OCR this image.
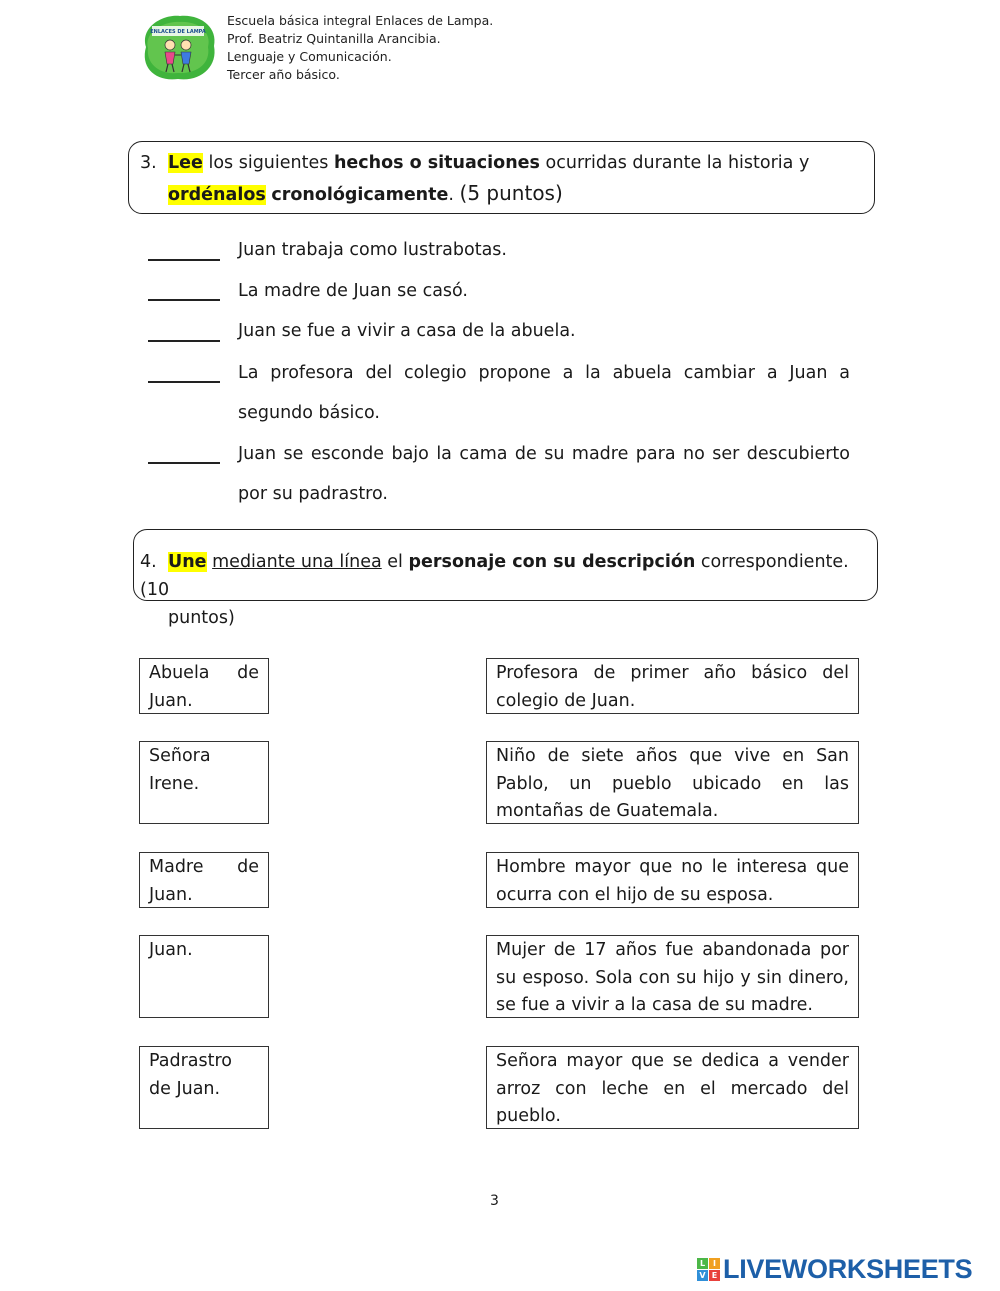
ENLACES DE LAMPA
Escuela básica integral Enlaces de Lampa.
Prof. Beatriz Quintanilla Arancibia.
Lenguaje y Comunicación.
Tercer año básico.
3. Lee los siguientes hechos o situaciones ocurridas durante la historia y
ordénalos cronológicamente. (5 puntos)
Juan trabaja como lustrabotas.
La madre de Juan se casó.
Juan se fue a vivir a casa de la abuela.
La profesora del colegio propone a la abuela cambiar a Juan a
segundo básico.
Juan se esconde bajo la cama de su madre para no ser descubierto
por su padrastro.
4. Une mediante una línea el personaje con su descripción correspondiente. (10
puntos)
Abuela de
Juan.
Señora
Irene.
Madre de
Juan.
Juan.
Padrastro
de Juan.
Profesora de primer año básico del
colegio de Juan.
Niño de siete años que vive en San
Pablo, un pueblo ubicado en las
montañas de Guatemala.
Hombre mayor que no le interesa que
ocurra con el hijo de su esposa.
Mujer de 17 años fue abandonada por
su esposo. Sola con su hijo y sin dinero,
se fue a vivir a la casa de su madre.
Señora mayor que se dedica a vender
arroz con leche en el mercado del
pueblo.
3
L I
V E LIVEWORKSHEETS
